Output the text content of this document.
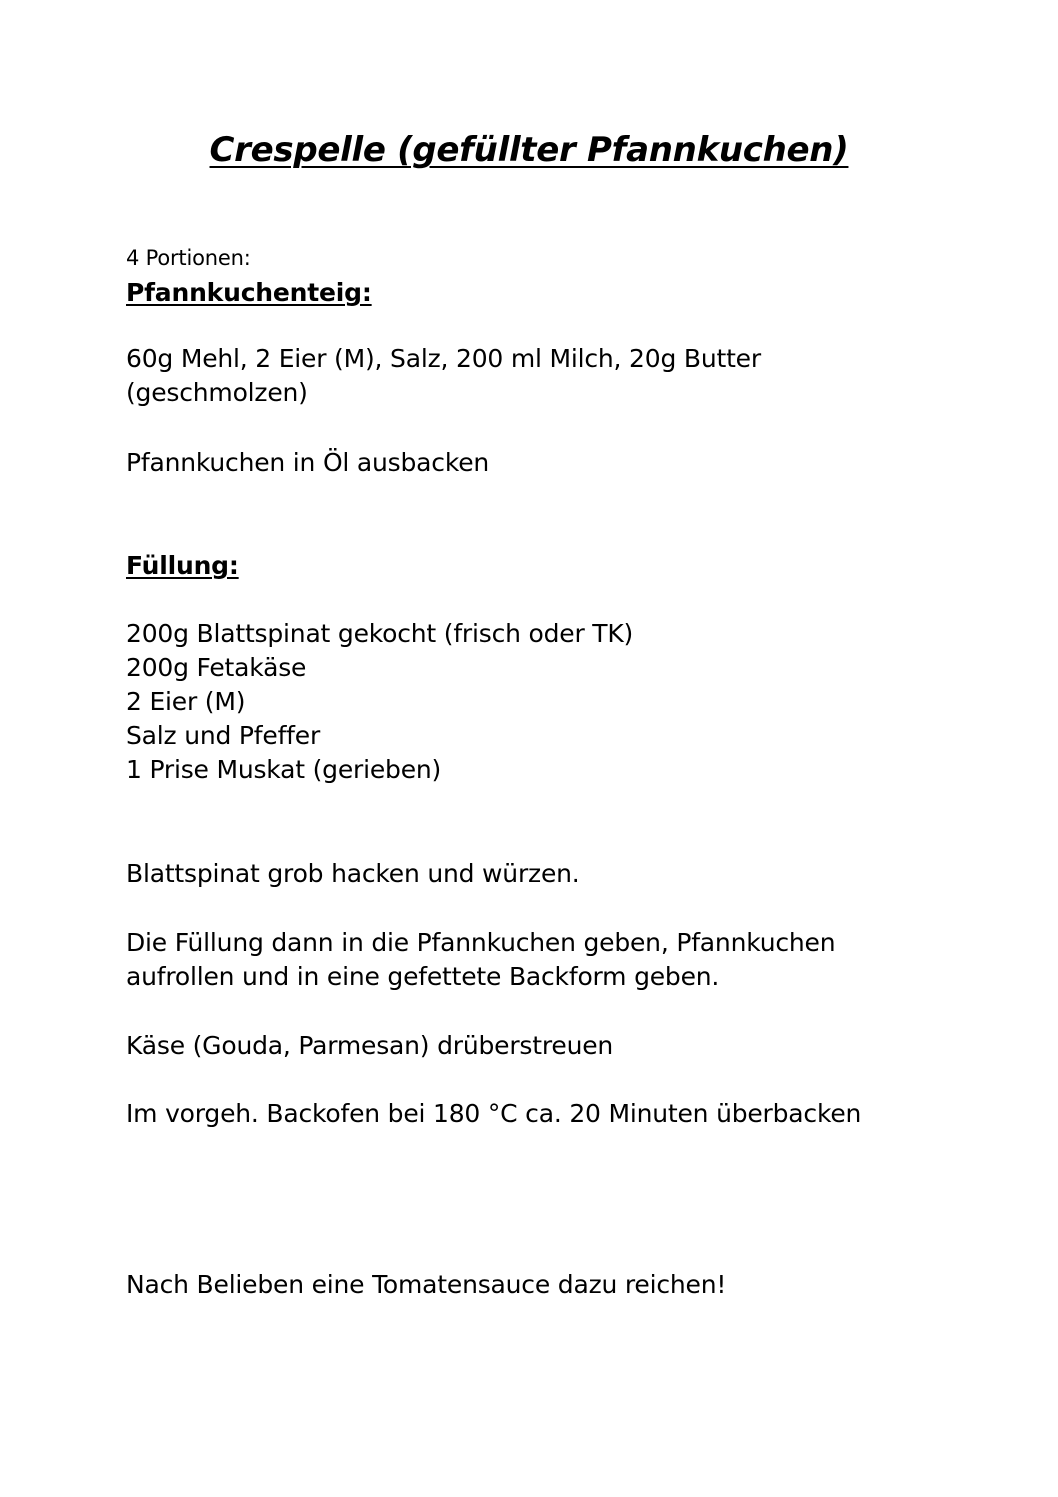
Crespelle (gefüllter Pfannkuchen)
4 Portionen:
Pfannkuchenteig:
60g Mehl, 2 Eier (M), Salz, 200 ml Milch, 20g Butter
(geschmolzen)
Pfannkuchen in Öl ausbacken
Füllung:
200g Blattspinat gekocht (frisch oder TK)
200g Fetakäse
2 Eier (M)
Salz und Pfeffer
1 Prise Muskat (gerieben)
Blattspinat grob hacken und würzen.
Die Füllung dann in die Pfannkuchen geben, Pfannkuchen
aufrollen und in eine gefettete Backform geben.
Käse (Gouda, Parmesan) drüberstreuen
Im vorgeh. Backofen bei 180 °C ca. 20 Minuten überbacken
Nach Belieben eine Tomatensauce dazu reichen!
